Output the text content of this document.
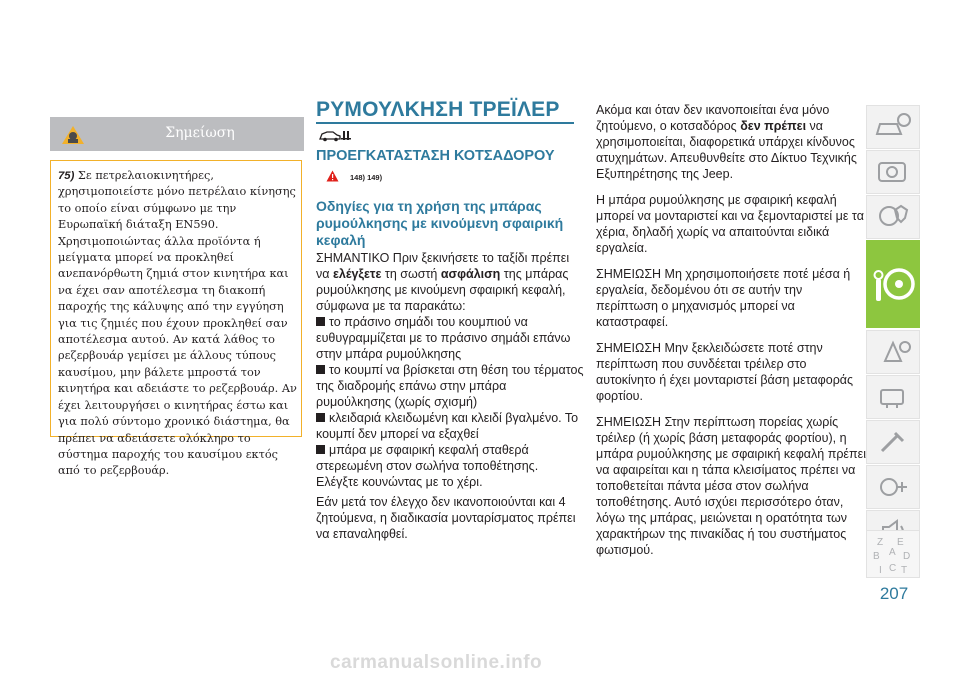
Σημείωση
75) Σε πετρελαιοκινητήρες, χρησιμοποιείστε μόνο πετρέλαιο κίνησης το οποίο είναι σύμφωνο με την Ευρωπαϊκή διάταξη EN590. Χρησιμοποιώντας άλλα προϊόντα ή μείγματα μπορεί να προκληθεί ανεπανόρθωτη ζημιά στον κινητήρα και να έχει σαν αποτέλεσμα τη διακοπή παροχής της κάλυψης από την εγγύηση για τις ζημιές που έχουν προκληθεί σαν αποτέλεσμα αυτού. Αν κατά λάθος το ρεζερβουάρ γεμίσει με άλλους τύπους καυσίμου, μην βάλετε μπροστά τον κινητήρα και αδειάστε το ρεζερβουάρ. Αν έχει λειτουργήσει ο κινητήρας έστω και για πολύ σύντομο χρονικό διάστημα, θα πρέπει να αδειάσετε ολόκληρο το σύστημα παροχής του καυσίμου εκτός από το ρεζερβουάρ.
ΡΥΜΟΥΛΚΗΣΗ ΤΡΕΪΛΕΡ
ΠΡΟΕΓΚΑΤΑΣΤΑΣΗ ΚΟΤΣΑΔΟΡΟΥ
148) 149)
Οδηγίες για τη χρήση της μπάρας ρυμούλκησης με κινούμενη σφαιρική κεφαλή
ΣΗΜΑΝΤΙΚΟ Πριν ξεκινήσετε το ταξίδι πρέπει να ελέγξετε τη σωστή ασφάλιση της μπάρας ρυμούλκησης με κινούμενη σφαιρική κεφαλή, σύμφωνα με τα παρακάτω:
το πράσινο σημάδι του κουμπιού να ευθυγραμμίζεται με το πράσινο σημάδι επάνω στην μπάρα ρυμούλκησης
το κουμπί να βρίσκεται στη θέση του τέρματος της διαδρομής επάνω στην μπάρα ρυμούλκησης (χωρίς σχισμή)
κλειδαριά κλειδωμένη και κλειδί βγαλμένο. Το κουμπί δεν μπορεί να εξαχθεί
μπάρα με σφαιρική κεφαλή σταθερά στερεωμένη στον σωλήνα τοποθέτησης. Ελέγξτε κουνώντας με το χέρι.
Εάν μετά τον έλεγχο δεν ικανοποιούνται και 4 ζητούμενα, η διαδικασία μονταρίσματος πρέπει να επαναληφθεί.

Ακόμα και όταν δεν ικανοποιείται ένα μόνο ζητούμενο, ο κοτσαδόρος δεν πρέπει να χρησιμοποιείται, διαφορετικά υπάρχει κίνδυνος ατυχημάτων. Απευθυνθείτε στο Δίκτυο Τεχνικής Εξυπηρέτησης της Jeep.

Η μπάρα ρυμούλκησης με σφαιρική κεφαλή μπορεί να μονταριστεί και να ξεμονταριστεί με τα χέρια, δηλαδή χωρίς να απαιτούνται ειδικά εργαλεία.

ΣΗΜΕΙΩΣΗ Μη χρησιμοποιήσετε ποτέ μέσα ή εργαλεία, δεδομένου ότι σε αυτήν την περίπτωση ο μηχανισμός μπορεί να καταστραφεί.

ΣΗΜΕΙΩΣΗ Μην ξεκλειδώσετε ποτέ στην περίπτωση που συνδέεται τρέιλερ στο αυτοκίνητο ή έχει μονταριστεί βάση μεταφοράς φορτίου.

ΣΗΜΕΙΩΣΗ Στην περίπτωση πορείας χωρίς τρέιλερ (ή χωρίς βάση μεταφοράς φορτίου), η μπάρα ρυμούλκησης με σφαιρική κεφαλή πρέπει να αφαιρείται και η τάπα κλεισίματος πρέπει να τοποθετείται πάντα μέσα στον σωλήνα τοποθέτησης. Αυτό ισχύει περισσότερο όταν, λόγω της μπάρας, μειώνεται η ορατότητα των χαρακτήρων της πινακίδας ή του συστήματος φωτισμού.

Z E
B D
A
I C T
207
carmanualsonline.info
